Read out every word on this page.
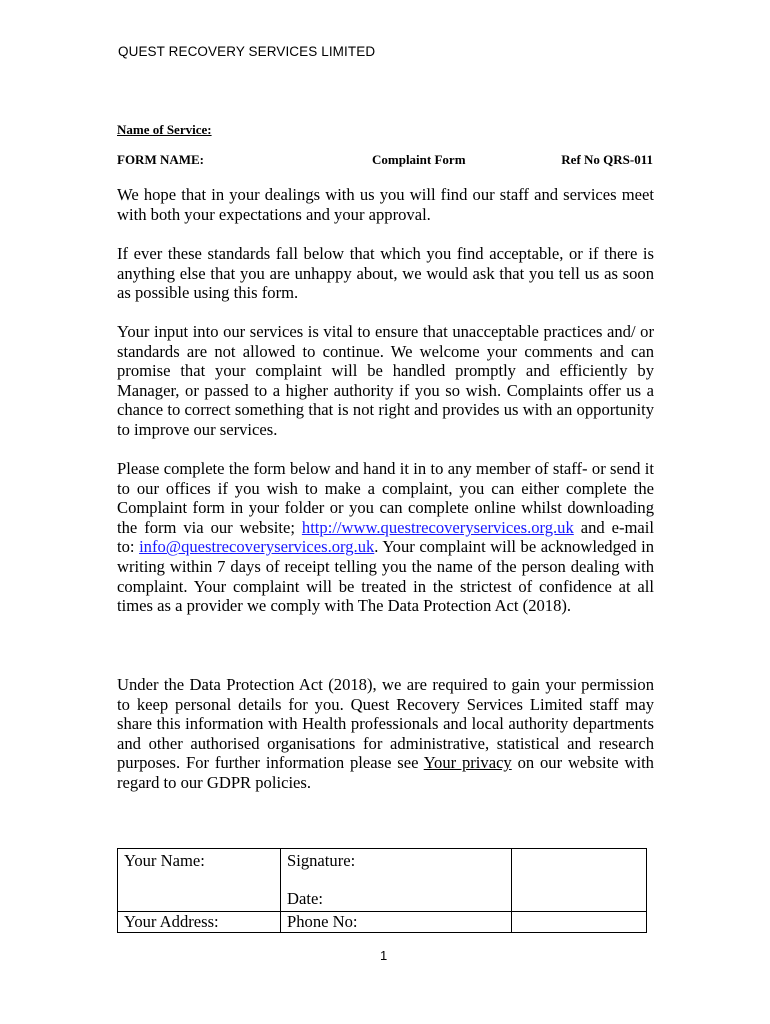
QUEST RECOVERY SERVICES LIMITED
Name of Service:
FORM NAME:	Complaint Form	Ref No QRS-011

We hope that in your dealings with us you will find our staff and services meet with both your expectations and your approval.

If ever these standards fall below that which you find acceptable, or if there is anything else that you are unhappy about, we would ask that you tell us as soon as possible using this form.

Your input into our services is vital to ensure that unacceptable practices and/ or standards are not allowed to continue. We welcome your comments and can promise that your complaint will be handled promptly and efficiently by Manager, or passed to a higher authority if you so wish. Complaints offer us a chance to correct something that is not right and provides us with an opportunity to improve our services.

Please complete the form below and hand it in to any member of staff- or send it to our offices if you wish to make a complaint, you can either complete the Complaint form in your folder or you can complete online whilst downloading the form via our website; http://www.questrecoveryservices.org.uk and e-mail to: info@questrecoveryservices.org.uk. Your complaint will be acknowledged in writing within 7 days of receipt telling you the name of the person dealing with complaint. Your complaint will be treated in the strictest of confidence at all times as a provider we comply with The Data Protection Act (2018).

Under the Data Protection Act (2018), we are required to gain your permission to keep personal details for you. Quest Recovery Services Limited staff may share this information with Health professionals and local authority departments and other authorised organisations for administrative, statistical and research purposes. For further information please see Your privacy on our website with regard to our GDPR policies.

Your Name:	Signature:
Date:	

Your Address:	Phone No:	
1
